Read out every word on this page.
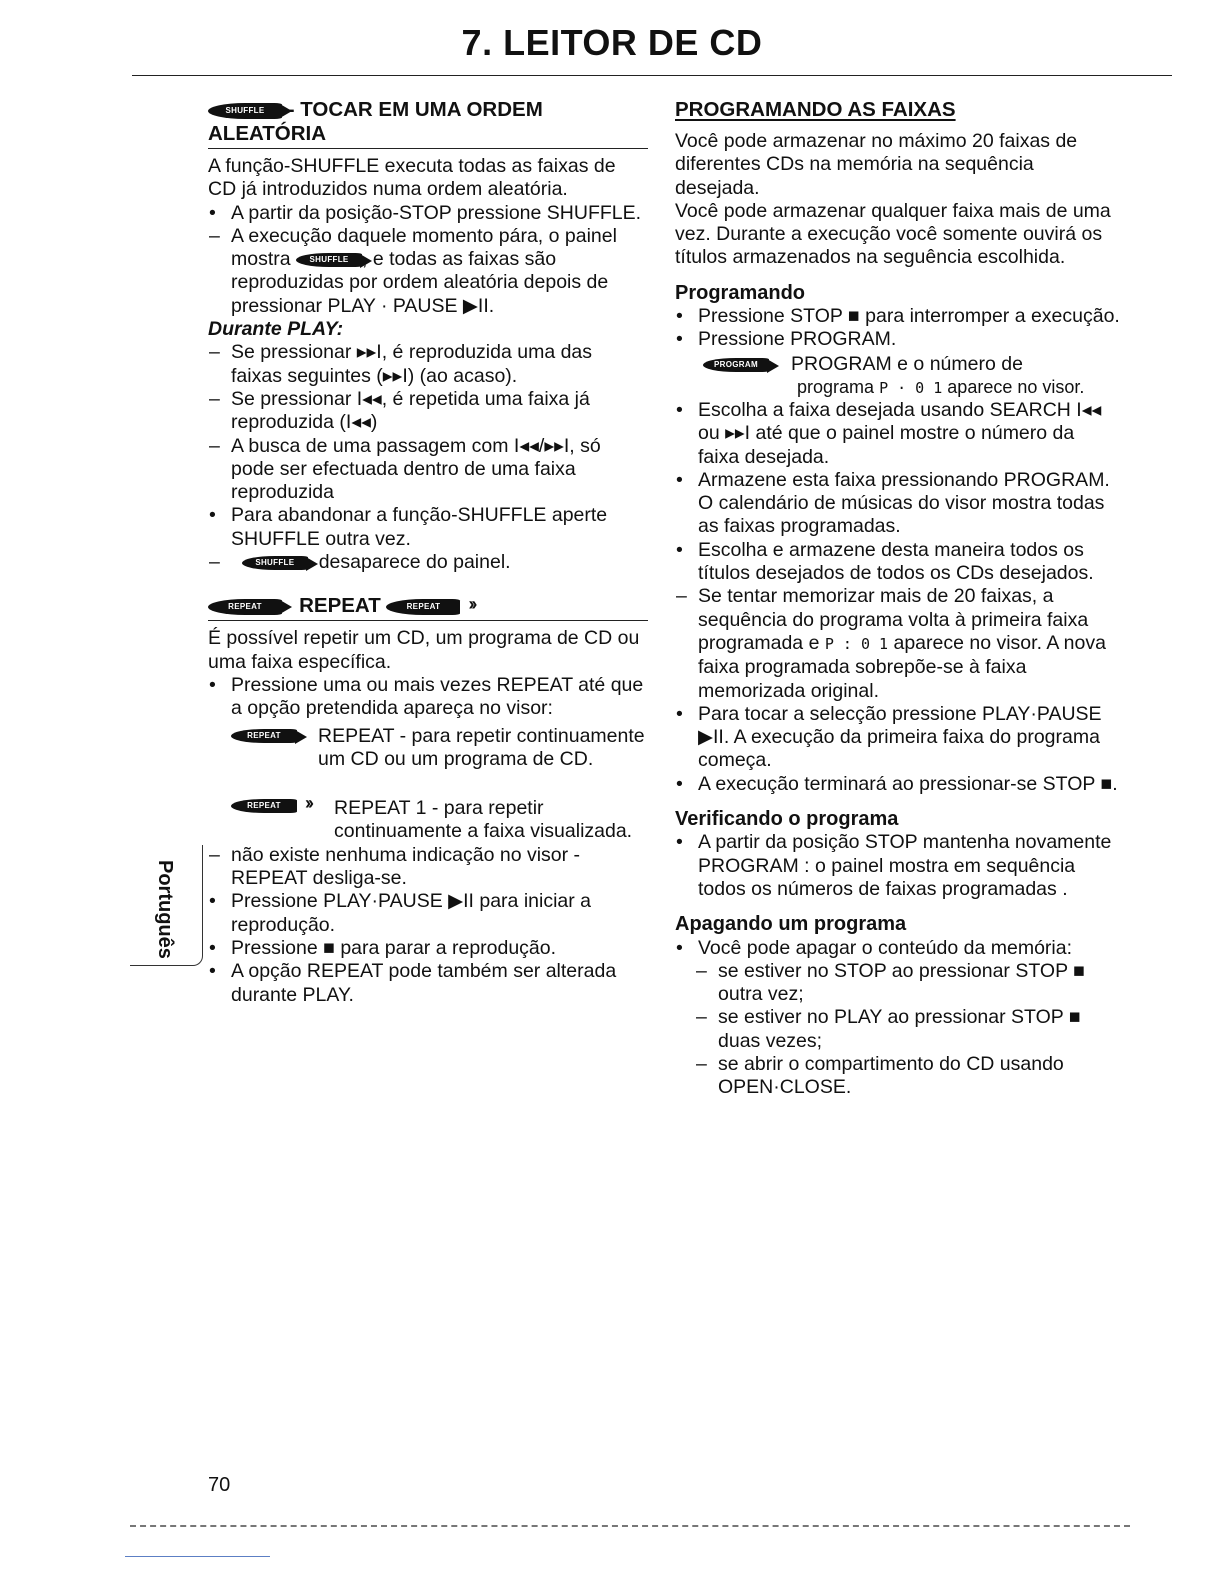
7. LEITOR DE CD
SHUFFLE - TOCAR EM UMA ORDEM
ALEATÓRIA

A função-SHUFFLE executa todas as faixas de CD já introduzidos numa ordem aleatória.

• A partir da posição-STOP pressione SHUFFLE.
– A execução daquele momento pára, o painel mostra SHUFFLE , e todas as faixas são reproduzidas por ordem aleatória depois de pressionar PLAY · PAUSE ▶II.

Durante PLAY:

– Se pressionar ▸▸I, é reproduzida uma das faixas seguintes (▸▸I) (ao acaso).
– Se pressionar I◂◂, é repetida uma faixa já reproduzida (I◂◂)
– A busca de uma passagem com I◂◂/▸▸I, só pode ser efectuada dentro de uma faixa reproduzida
• Para abandonar a função-SHUFFLE aperte SHUFFLE outra vez.
–	SHUFFLE desaparece do painel.
REPEAT REPEAT	REPEAT ››

É possível repetir um CD, um programa de CD ou uma faixa específica.

• Pressione uma ou mais vezes REPEAT até que a opção pretendida apareça no visor:
REPEAT	REPEAT - para repetir continuamente um CD ou um programa de CD.
REPEAT ››	REPEAT 1 - para repetir continuamente a faixa visualizada.
– não existe nenhuma indicação no visor - REPEAT desliga-se.
• Pressione PLAY·PAUSE ▶II para iniciar a reprodução.
• Pressione ■ para parar a reprodução.
• A opção REPEAT pode também ser alterada durante PLAY.
PROGRAMANDO AS FAIXAS

Você pode armazenar no máximo 20 faixas de diferentes CDs na memória na sequência desejada.

Você pode armazenar qualquer faixa mais de uma vez. Durante a execução você somente ouvirá os títulos armazenados na seguência escolhida.

Programando

• Pressione STOP ■ para interromper a execução.
• Pressione PROGRAM.
PROGRAM	PROGRAM e o número de
programa P · 0 1 aparece no visor.
• Escolha a faixa desejada usando SEARCH I◂◂ ou ▸▸I até que o painel mostre o número da faixa desejada.
• Armazene esta faixa pressionando PROGRAM. O calendário de músicas do visor mostra todas as faixas programadas.
• Escolha e armazene desta maneira todos os títulos desejados de todos os CDs desejados.
– Se tentar memorizar mais de 20 faixas, a sequência do programa volta à primeira faixa programada e P : 0 1 aparece no visor. A nova faixa programada sobrepõe-se à faixa memorizada original.
• Para tocar a selecção pressione PLAY·PAUSE ▶II. A execução da primeira faixa do programa começa.
• A execução terminará ao pressionar-se STOP ■.

Verificando o programa

• A partir da posição STOP mantenha novamente PROGRAM : o painel mostra em sequência todos os números de faixas programadas .

Apagando um programa

• Você pode apagar o conteúdo da memória:
– se estiver no STOP ao pressionar STOP ■ outra vez;
– se estiver no PLAY ao pressionar STOP ■ duas vezes;
– se abrir o compartimento do CD usando OPEN·CLOSE.
Português
70
